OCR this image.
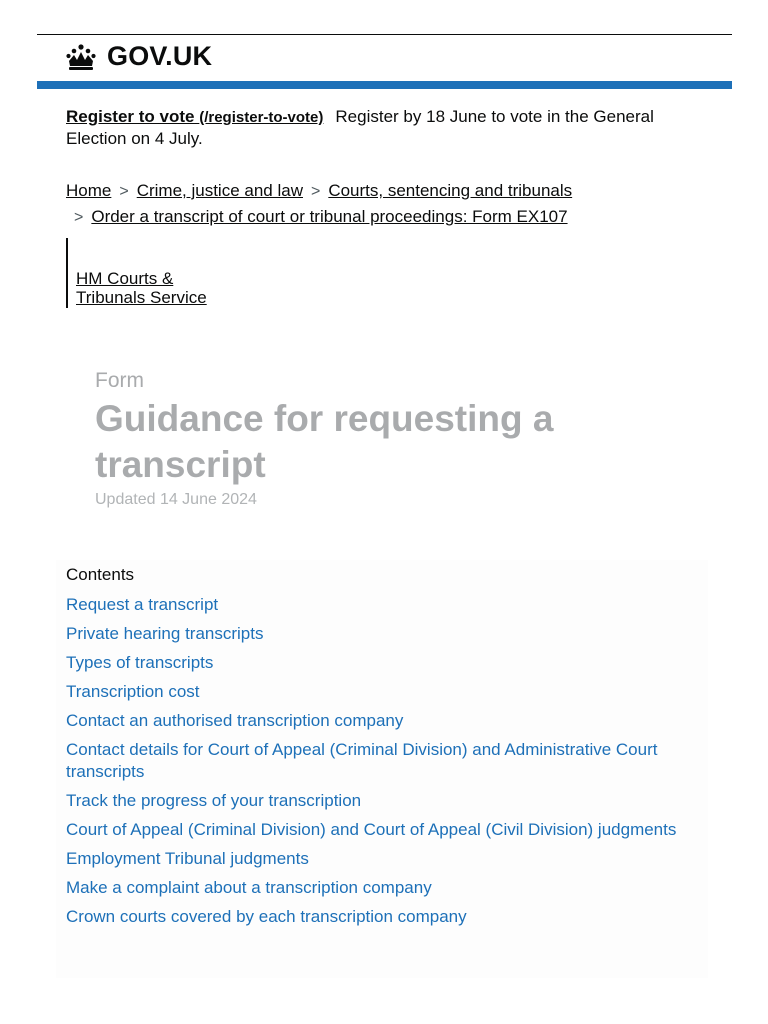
GOV.UK
Register to vote (/register-to-vote) Register by 18 June to vote in the General Election on 4 July.
Home > Crime, justice and law > Courts, sentencing and tribunals
> Order a transcript of court or tribunal proceedings: Form EX107
HM Courts &
Tribunals Service
Form
Guidance for requesting a transcript
Updated 14 June 2024
Contents
Request a transcript
Private hearing transcripts
Types of transcripts
Transcription cost
Contact an authorised transcription company
Contact details for Court of Appeal (Criminal Division) and Administrative Court transcripts
Track the progress of your transcription
Court of Appeal (Criminal Division) and Court of Appeal (Civil Division) judgments
Employment Tribunal judgments
Make a complaint about a transcription company
Crown courts covered by each transcription company
